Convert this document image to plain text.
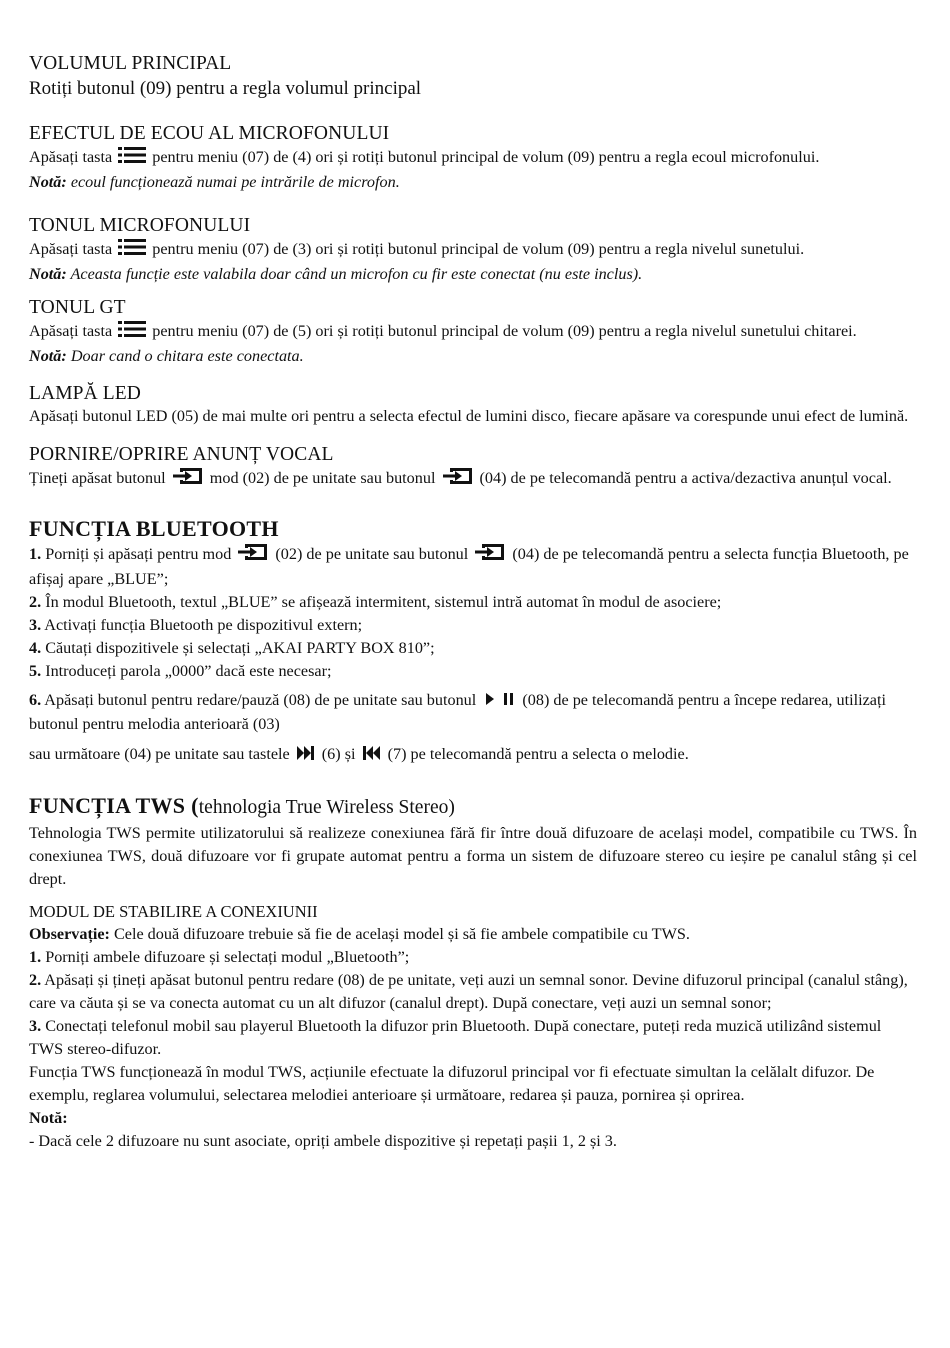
VOLUMUL PRINCIPAL

Rotiți butonul (09) pentru a regla volumul principal

EFECTUL DE ECOU AL MICROFONULUI

Apăsați tasta pentru meniu (07) de (4) ori și rotiți butonul principal de volum (09) pentru a regla ecoul microfonului.

Notă: ecoul funcționează numai pe intrările de microfon.

TONUL MICROFONULUI

Apăsați tasta pentru meniu (07) de (3) ori și rotiți butonul principal de volum (09) pentru a regla nivelul sunetului.

Notă: Aceasta funcție este valabila doar când un microfon cu fir este conectat (nu este inclus).

TONUL GT

Apăsați tasta pentru meniu (07) de (5) ori și rotiți butonul principal de volum (09) pentru a regla nivelul sunetului chitarei.

Notă: Doar cand o chitara este conectata.

LAMPĂ LED

Apăsați butonul LED (05) de mai multe ori pentru a selecta efectul de lumini disco, fiecare apăsare va corespunde unui efect de lumină.

PORNIRE/OPRIRE ANUNȚ VOCAL

Țineți apăsat butonul	mod (02) de pe unitate sau butonul	(04) de pe telecomandă pentru a activa/dezactiva anunțul vocal.

FUNCȚIA BLUETOOTH

1. Porniți și apăsați pentru mod	(02) de pe unitate sau butonul	(04) de pe telecomandă pentru a selecta funcția Bluetooth, pe afișaj apare „BLUE”;

2. În modul Bluetooth, textul „BLUE” se afișează intermitent, sistemul intră automat în modul de asociere;

3. Activați funcția Bluetooth pe dispozitivul extern;

4. Căutați dispozitivele și selectați „AKAI PARTY BOX 810”;

5. Introduceți parola „0000” dacă este necesar;

6. Apăsați butonul pentru redare/pauză (08) de pe unitate sau butonul	(08) de pe telecomandă pentru a începe redarea, utilizați butonul pentru melodia anterioară (03)

sau următoare (04) pe unitate sau tastele (6) și (7) pe telecomandă pentru a selecta o melodie.

FUNCȚIA TWS (tehnologia True Wireless Stereo)

Tehnologia TWS permite utilizatorului să realizeze conexiunea fără fir între două difuzoare de același model, compatibile cu TWS. În conexiunea TWS, două difuzoare vor fi grupate automat pentru a forma un sistem de difuzoare stereo cu ieșire pe canalul stâng și cel drept.

MODUL DE STABILIRE A CONEXIUNII

Observație: Cele două difuzoare trebuie să fie de același model și să fie ambele compatibile cu TWS.

1. Porniți ambele difuzoare și selectați modul „Bluetooth”;

2. Apăsați și țineți apăsat butonul pentru redare (08) de pe unitate, veți auzi un semnal sonor. Devine difuzorul principal (canalul stâng), care va căuta și se va conecta automat cu un alt difuzor (canalul drept). După conectare, veți auzi un semnal sonor;

3. Conectați telefonul mobil sau playerul Bluetooth la difuzor prin Bluetooth. După conectare, puteți reda muzică utilizând sistemul TWS stereo-difuzor.

Funcția TWS funcționează în modul TWS, acțiunile efectuate la difuzorul principal vor fi efectuate simultan la celălalt difuzor. De exemplu, reglarea volumului, selectarea melodiei anterioare și următoare, redarea și pauza, pornirea și oprirea.

Notă:

- Dacă cele 2 difuzoare nu sunt asociate, opriți ambele dispozitive și repetați pașii 1, 2 și 3.
